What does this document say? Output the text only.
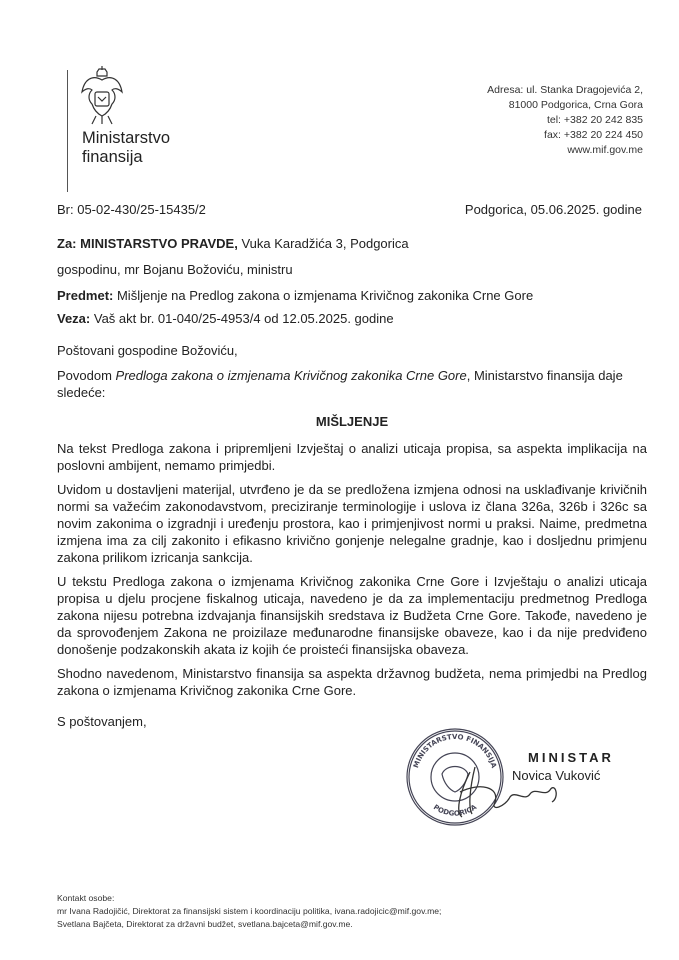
Ministarstvo
finansija
Adresa: ul. Stanka Dragojevića 2,
81000 Podgorica, Crna Gora
tel: +382 20 242 835
fax: +382 20 224 450
www.mif.gov.me
Br: 05-02-430/25-15435/2	Podgorica, 05.06.2025. godine
Za: MINISTARSTVO PRAVDE, Vuka Karadžića 3, Podgorica
gospodinu, mr Bojanu Božoviću, ministru
Predmet: Mišljenje na Predlog zakona o izmjenama Krivičnog zakonika Crne Gore
Veza: Vaš akt br. 01-040/25-4953/4 od 12.05.2025. godine
Poštovani gospodine Božoviću,
Povodom Predloga zakona o izmjenama Krivičnog zakonika Crne Gore, Ministarstvo finansija daje sledeće:
MIŠLJENJE
Na tekst Predloga zakona i pripremljeni Izvještaj o analizi uticaja propisa, sa aspekta implikacija na poslovni ambijent, nemamo primjedbi.
Uvidom u dostavljeni materijal, utvrđeno je da se predložena izmjena odnosi na usklađivanje krivičnih normi sa važećim zakonodavstvom, preciziranje terminologije i uslova iz člana 326a, 326b i 326c sa novim zakonima o izgradnji i uređenju prostora, kao i primjenjivost normi u praksi. Naime, predmetna izmjena ima za cilj zakonito i efikasno krivično gonjenje nelegalne gradnje, kao i dosljednu primjenu zakona prilikom izricanja sankcija.
U tekstu Predloga zakona o izmjenama Krivičnog zakonika Crne Gore i Izvještaju o analizi uticaja propisa u djelu procjene fiskalnog uticaja, navedeno je da za implementaciju predmetnog Predloga zakona nijesu potrebna izdvajanja finansijskih sredstava iz Budžeta Crne Gore. Takođe, navedeno je da sprovođenjem Zakona ne proizilaze međunarodne finansijske obaveze, kao i da nije predviđeno donošenje podzakonskih akata iz kojih će proisteći finansijska obaveza.
Shodno navedenom, Ministarstvo finansija sa aspekta državnog budžeta, nema primjedbi na Predlog zakona o izmjenama Krivičnog zakonika Crne Gore.
S poštovanjem,
MINISTARSTVO FINANSIJA
PODGORICA
MINISTAR
Novica Vuković
Kontakt osobe:
mr Ivana Radojičić, Direktorat za finansijski sistem i koordinaciju politika, ivana.radojicic@mif.gov.me;
Svetlana Bajčeta, Direktorat za državni budžet, svetlana.bajceta@mif.gov.me.
